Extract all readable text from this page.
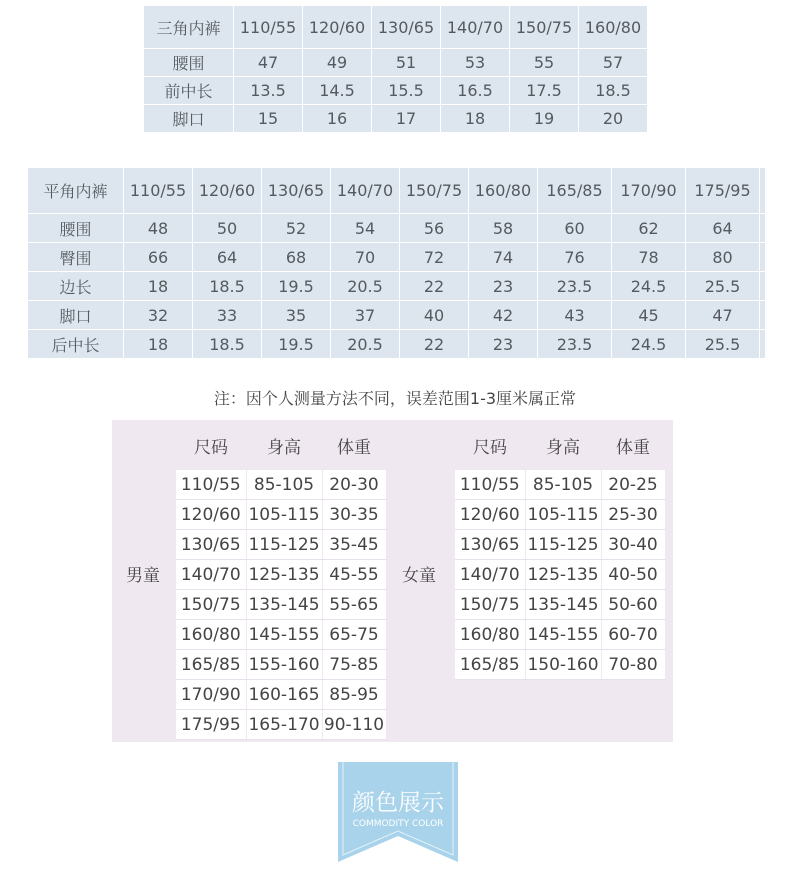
三角内裤	110/55	120/60	130/65	140/70	150/75	160/80
腰围	47	49	51	53	55	57
前中长	13.5	14.5	15.5	16.5	17.5	18.5
脚口	15	16	17	18	19	20
平角内裤	110/55	120/60	130/65	140/70	150/75	160/80	165/85	170/90	175/95	
腰围	48	50	52	54	56	58	60	62	64	
臀围	66	64	68	70	72	74	76	78	80	
边长	18	18.5	19.5	20.5	22	23	23.5	24.5	25.5	
脚口	32	33	35	37	40	42	43	45	47	
后中长	18	18.5	19.5	20.5	22	23	23.5	24.5	25.5	
注：因个人测量方法不同，误差范围1-3厘米属正常
男童
尺码	身高	体重
110/55	85-105	20-30
120/60	105-115	30-35
130/65	115-125	35-45
140/70	125-135	45-55
150/75	135-145	55-65
160/80	145-155	65-75
165/85	155-160	75-85
170/90	160-165	85-95
175/95	165-170	90-110
女童
尺码	身高	体重
110/55	85-105	20-25
120/60	105-115	25-30
130/65	115-125	30-40
140/70	125-135	40-50
150/75	135-145	50-60
160/80	145-155	60-70
165/85	150-160	70-80
颜色展示
COMMODITY COLOR
